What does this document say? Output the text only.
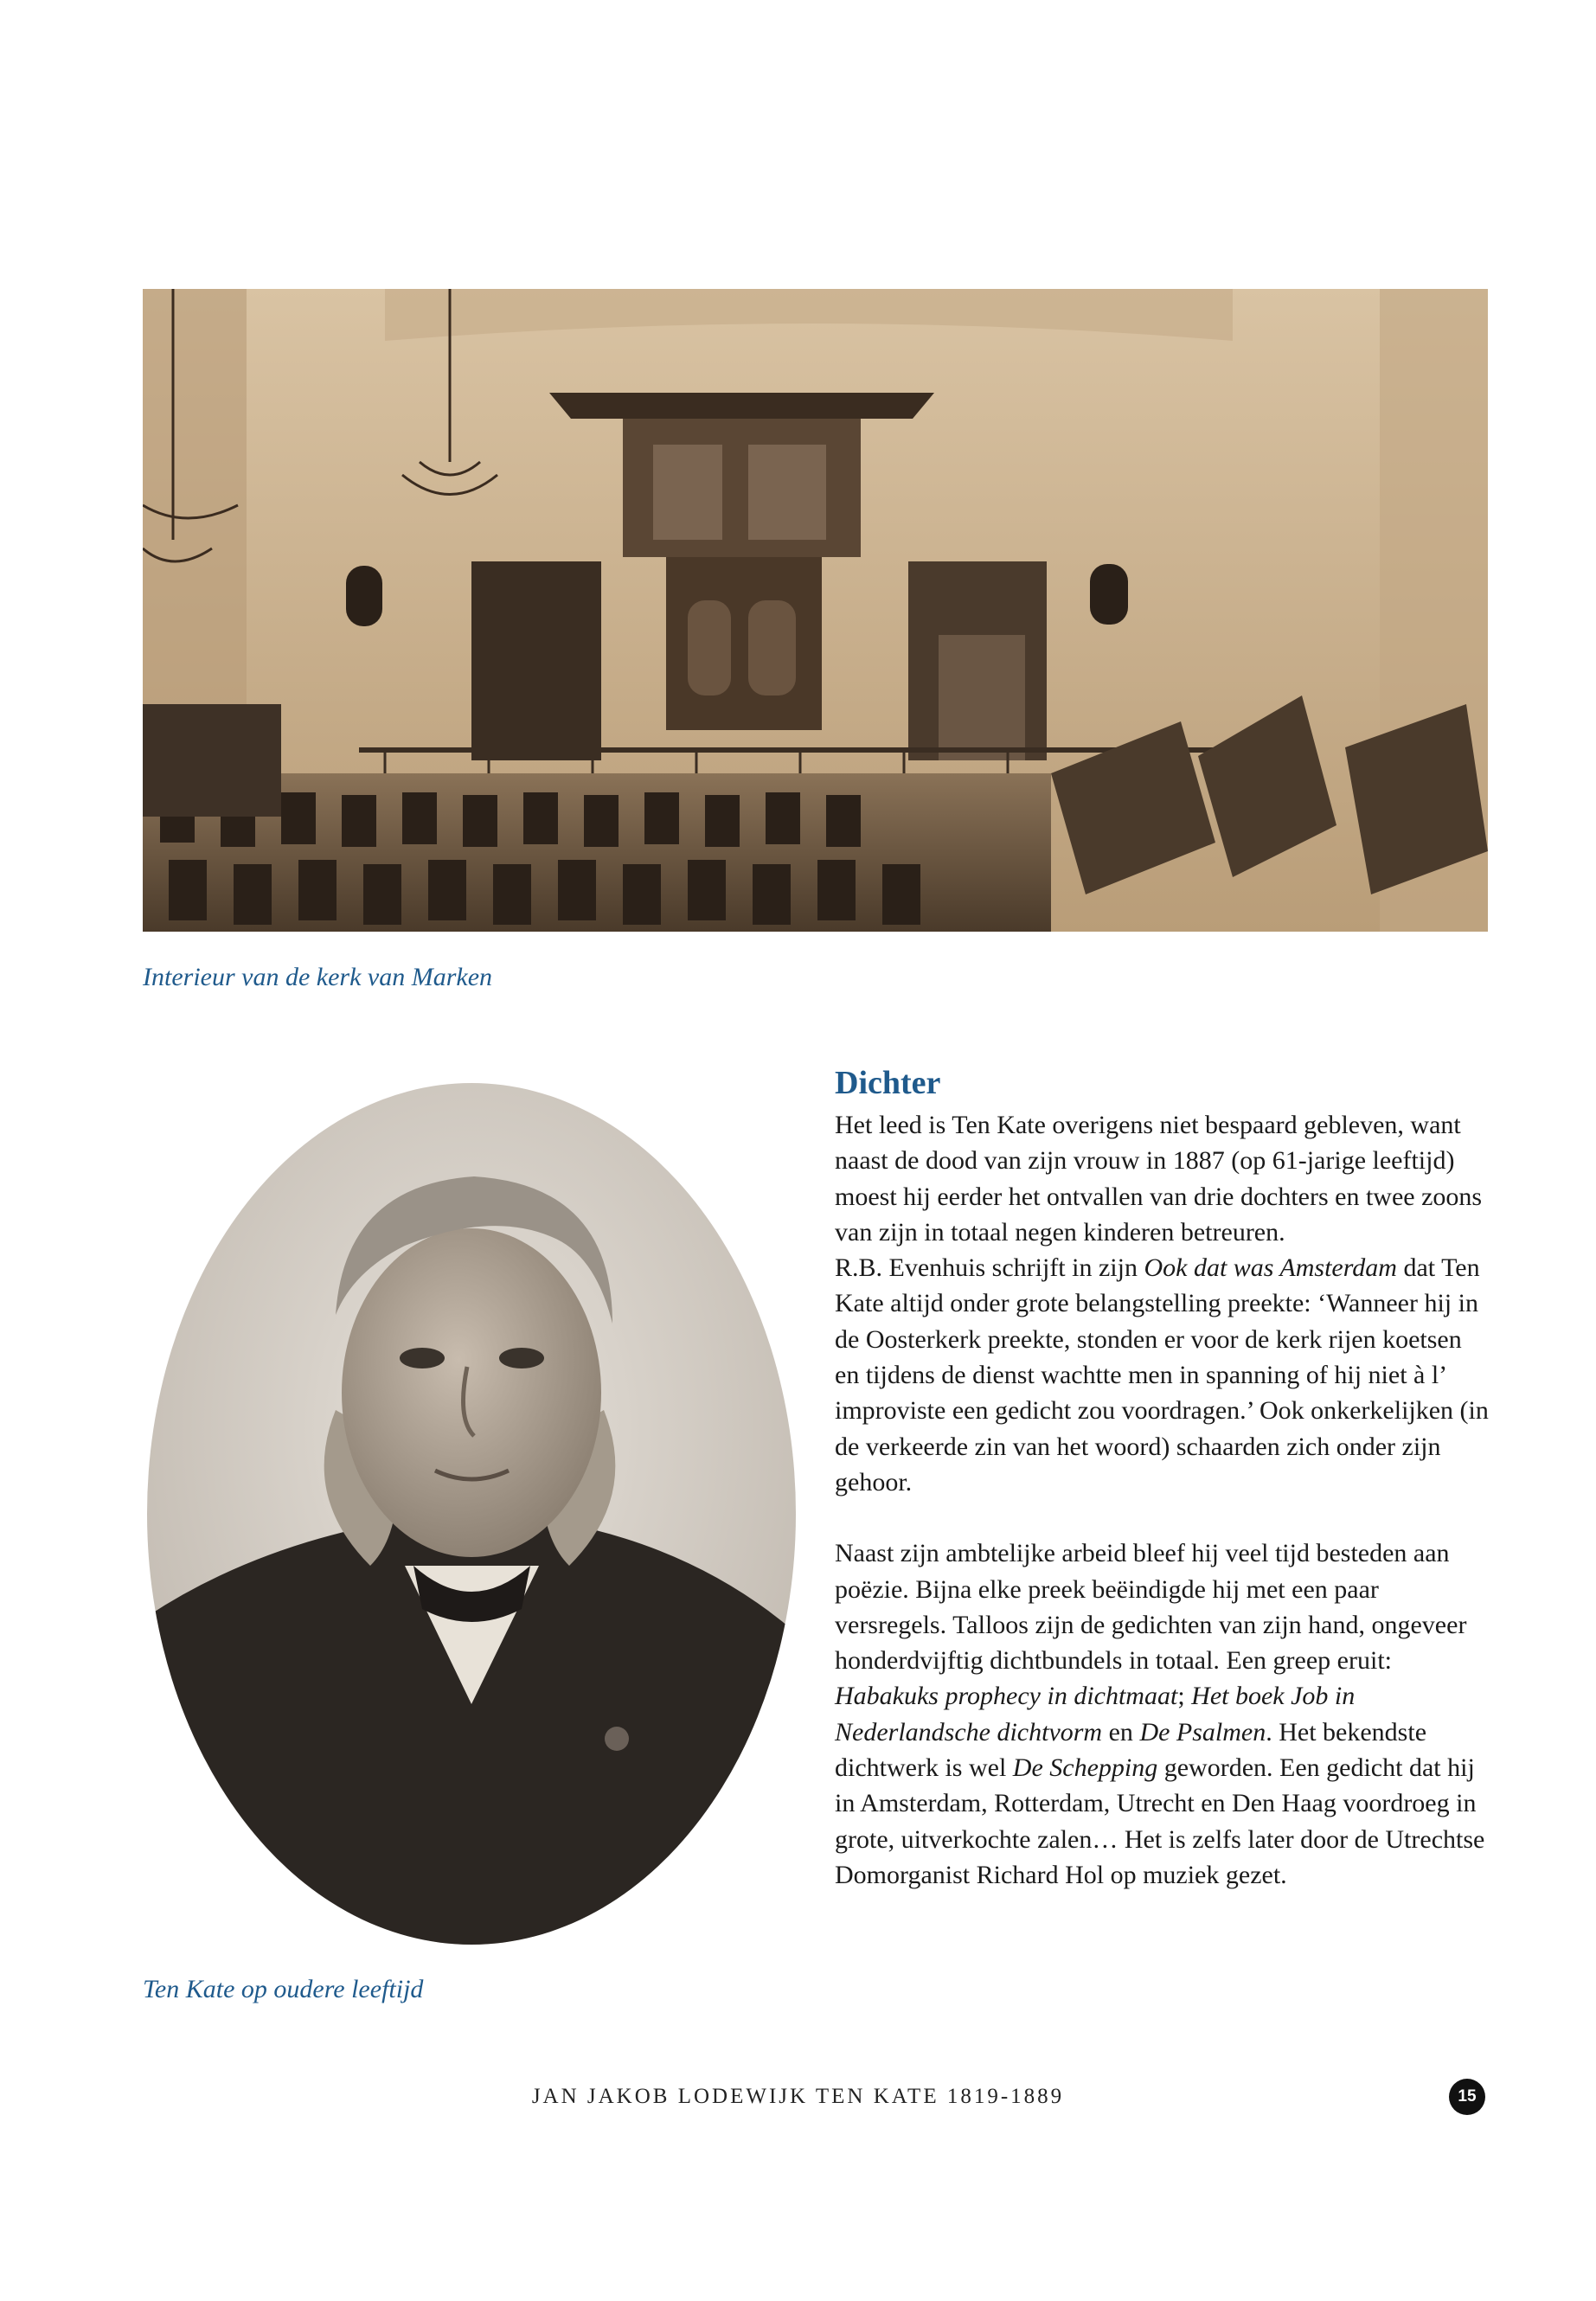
Interieur van de kerk van Marken
Ten Kate op oudere leeftijd
Dichter

Het leed is Ten Kate overigens niet bespaard gebleven, want naast de dood van zijn vrouw in 1887 (op 61-jarige leeftijd) moest hij eerder het ontvallen van drie dochters en twee zoons van zijn in totaal negen kinderen betreuren.

R.B. Evenhuis schrijft in zijn Ook dat was Amsterdam dat Ten Kate altijd onder grote belangstelling preekte: ‘Wanneer hij in de Oosterkerk preekte, stonden er voor de kerk rijen koetsen en tijdens de dienst wachtte men in spanning of hij niet à l’ improviste een gedicht zou voordragen.’ Ook onkerkelijken (in de verkeerde zin van het woord) schaarden zich onder zijn gehoor.

Naast zijn ambtelijke arbeid bleef hij veel tijd besteden aan poëzie. Bijna elke preek beëindigde hij met een paar versregels. Talloos zijn de gedichten van zijn hand, ongeveer honderdvijftig dichtbundels in totaal. Een greep eruit: Habakuks prophecy in dichtmaat; Het boek Job in Nederlandsche dichtvorm en De Psalmen. Het bekendste dichtwerk is wel De Schepping geworden. Een gedicht dat hij in Amsterdam, Rotterdam, Utrecht en Den Haag voordroeg in grote, uitverkochte zalen… Het is zelfs later door de Utrechtse Domorganist Richard Hol op muziek gezet.

JAN JAKOB LODEWIJK TEN KATE 1819-1889	15
